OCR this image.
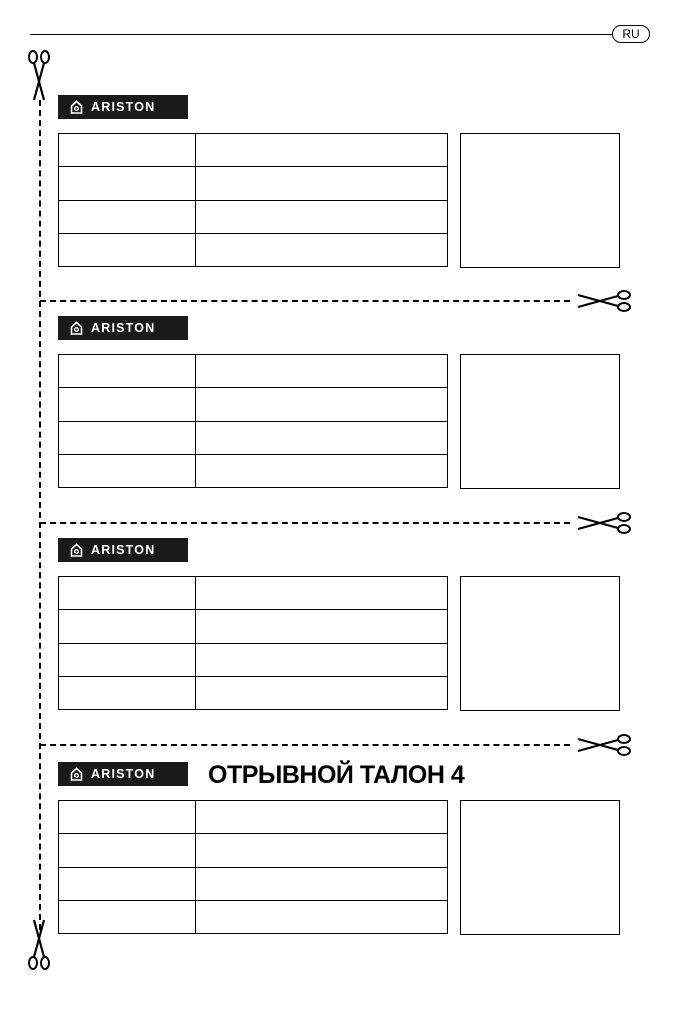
RU
ARISTON

ARISTON

ARISTON

ARISTON ОТРЫВНОЙ ТАЛОН 4
